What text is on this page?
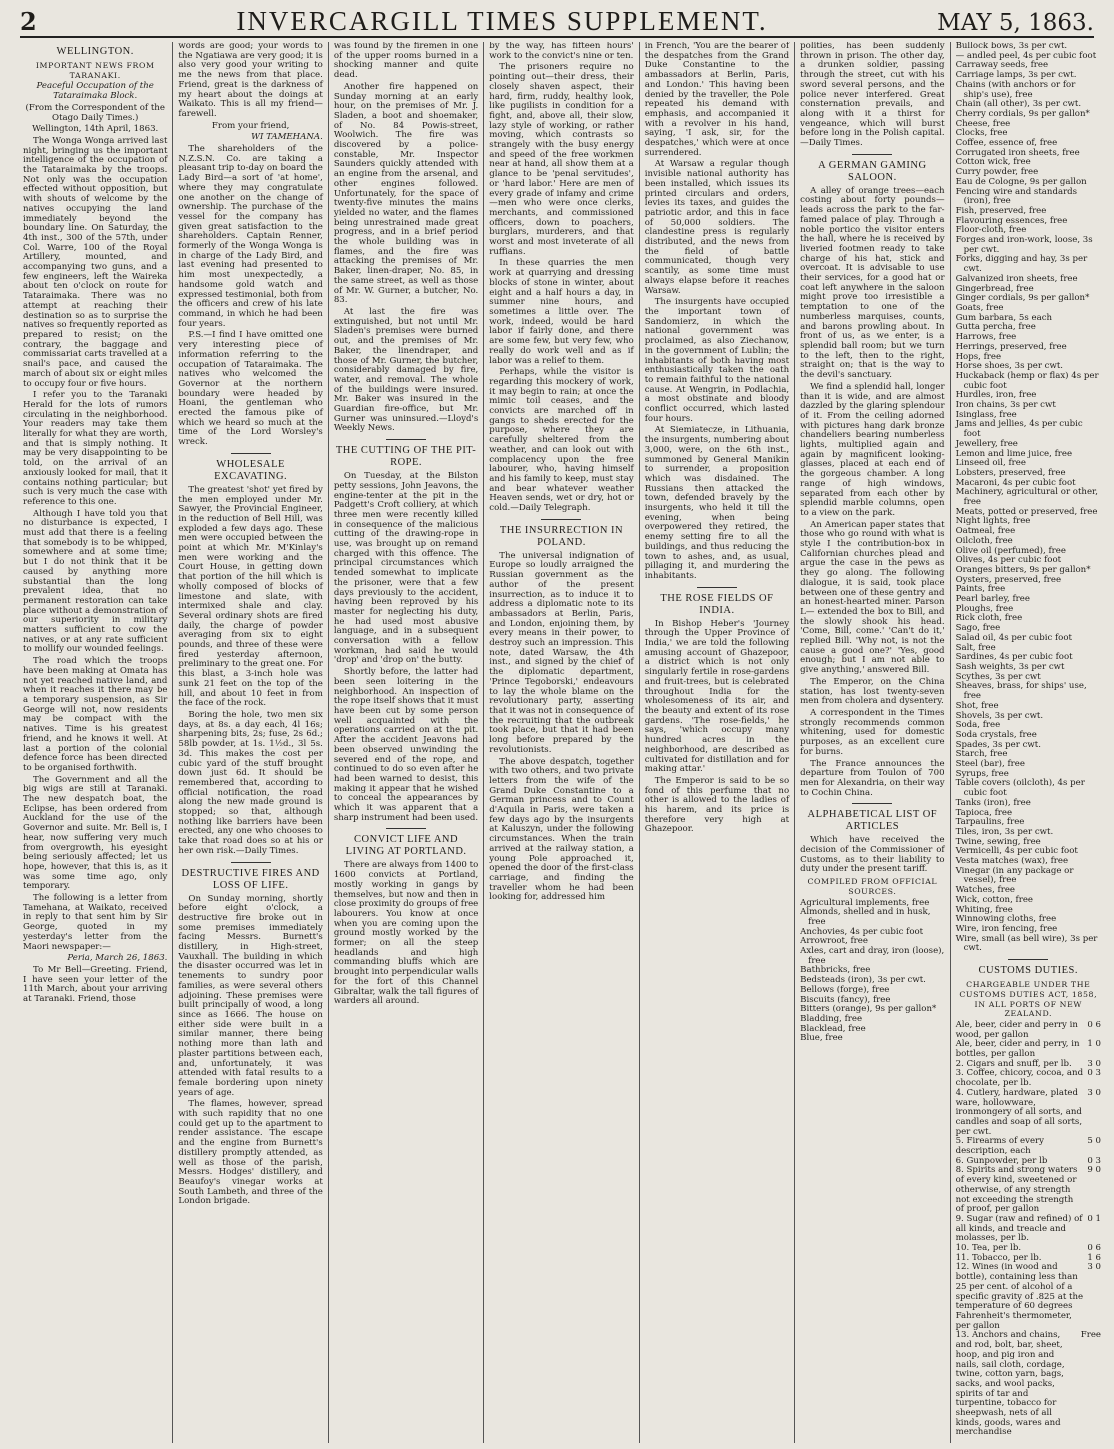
2	INVERCARGILL TIMES SUPPLEMENT.	MAY 5, 1863.
WELLINGTON.
IMPORTANT NEWS FROM TARANAKI.

Peaceful Occupation of the Tataraimaka Block.

(From the Correspondent of the Otago Daily Times.)

Wellington, 14th April, 1863.

The Wonga Wonga arrived last night, bringing us the important intelligence of the occupation of the Tataraimaka by the troops. Not only was the occupation effected without opposition, but with shouts of welcome by the natives occupying the land immediately beyond the boundary line. On Saturday, the 4th inst., 300 of the 57th, under Col. Warre, 100 of the Royal Artillery, mounted, and accompanying two guns, and a few engineers, left the Waireka about ten o'clock on route for Tataraimaka. There was no attempt at reaching their destination so as to surprise the natives so frequently reported as prepared to resist; on the contrary, the baggage and commissariat carts travelled at a snail's pace, and caused the march of about six or eight miles to occupy four or five hours.

I refer you to the Taranaki Herald for the lots of rumors circulating in the neighborhood. Your readers may take them literally for what they are worth, and that is simply nothing. It may be very disappointing to be told, on the arrival of an anxiously looked for mail, that it contains nothing particular; but such is very much the case with reference to this one.

Although I have told you that no disturbance is expected, I must add that there is a feeling that somebody is to be whipped, somewhere and at some time; but I do not think that it be caused by anything more substantial than the long prevalent idea, that no permanent restoration can take place without a demonstration of our superiority in military matters sufficient to cow the natives, or at any rate sufficient to mollify our wounded feelings.

The road which the troops have been making at Omata has not yet reached native land, and when it reaches it there may be a temporary suspension, as Sir George will not, now residents may be compact with the natives. Time is his greatest friend, and he knows it well. At last a portion of the colonial defence force has been directed to be organised forthwith.

The Government and all the big wigs are still at Taranaki. The new despatch boat, the Eclipse, has been ordered from Auckland for the use of the Governor and suite. Mr. Bell is, I hear, now suffering very much from overgrowth, his eyesight being seriously affected; let us hope, however, that this is, as it was some time ago, only temporary.

The following is a letter from Tamehana, at Waikato, received in reply to that sent him by Sir George, quoted in my yesterday's letter from the Maori newspaper:—

Peria, March 26, 1863.

To Mr Bell—Greeting. Friend, I have seen your letter of the 11th March, about your arriving at Taranaki. Friend, those

words are good; your words to the Ngatiawa are very good; it is also very good your writing to me the news from that place. Friend, great is the darkness of my heart about the doings at Waikato. This is all my friend—farewell.

From your friend,

WI TAMEHANA.

The shareholders of the N.Z.S.N. Co. are taking a pleasant trip to-day on board the Lady Bird—a sort of 'at home', where they may congratulate one another on the change of ownership. The purchase of the vessel for the company has given great satisfaction to the shareholders. Captain Renner, formerly of the Wonga Wonga is in charge of the Lady Bird, and last evening had presented to him most unexpectedly, a handsome gold watch and expressed testimonial, both from the officers and crew of his late command, in which he had been four years.

P.S.—I find I have omitted one very interesting piece of information referring to the occupation of Tataraimaka. The natives who welcomed the Governor at the northern boundary were headed by Hoani, the gentleman who erected the famous pike of which we heard so much at the time of the Lord Worsley's wreck.

WHOLESALE EXCAVATING.

The greatest 'shot' yet fired by the men employed under Mr. Sawyer, the Provincial Engineer, in the reduction of Bell Hill, was exploded a few days ago. These men were occupied between the point at which Mr. M'Kinlay's men were working and the Court House, in getting down that portion of the hill which is wholly composed of blocks of limestone and slate, with intermixed shale and clay. Several ordinary shots are fired daily, the charge of powder averaging from six to eight pounds, and three of these were fired yesterday afternoon, preliminary to the great one. For this blast, a 3-inch hole was sunk 21 feet on the top of the hill, and about 10 feet in from the face of the rock.

Boring the hole, two men six days, at 8s. a day each, 4l 16s; sharpening bits, 2s; fuse, 2s 6d.; 58lb powder, at 1s. 1½d., 3l 5s. 3d. This makes the cost per cubic yard of the stuff brought down just 6d. It should be remembered that, according to official notification, the road along the new made ground is stopped; so that, although nothing like barriers have been erected, any one who chooses to take that road does so at his or her own risk.—Daily Times.

DESTRUCTIVE FIRES AND LOSS OF LIFE.

On Sunday morning, shortly before eight o'clock, a destructive fire broke out in some premises immediately facing Messrs. Burnett's distillery, in High-street, Vauxhall. The building in which the disaster occurred was let in tenements to sundry poor families, as were several others adjoining. These premises were built principally of wood, a long since as 1666. The house on either side were built in a similar manner, there being nothing more than lath and plaster partitions between each, and, unfortunately, it was attended with fatal results to a female bordering upon ninety years of age.

The flames, however, spread with such rapidity that no one could get up to the apartment to render assistance. The escape and the engine from Burnett's distillery promptly attended, as well as those of the parish, Messrs. Hodges' distillery, and Beaufoy's vinegar works at South Lambeth, and three of the London brigade.

was found by the firemen in one of the upper rooms burned in a shocking manner and quite dead.

Another fire happened on Sunday morning at an early hour, on the premises of Mr. J. Sladen, a boot and shoemaker, of No. 84 Powis-street, Woolwich. The fire was discovered by a police-constable, Mr. Inspector Saunders quickly attended with an engine from the arsenal, and other engines followed. Unfortunately, for the space of twenty-five minutes the mains yielded no water, and the flames being unrestrained made great progress, and in a brief period the whole building was in flames, and the fire was attacking the premises of Mr. Baker, linen-draper, No. 85, in the same street, as well as those of Mr. W. Gurner, a butcher, No. 83.

At last the fire was extinguished, but not until Mr. Sladen's premises were burned out, and the premises of Mr. Baker, the linendraper, and those of Mr. Gurner, the butcher, considerably damaged by fire, water, and removal. The whole of the buildings were insured. Mr. Baker was insured in the Guardian fire-office, but Mr. Gurner was uninsured.—Lloyd's Weekly News.

THE CUTTING OF THE PIT-ROPE.

On Tuesday, at the Bilston petty sessions, John Jeavons, the engine-tenter at the pit in the Padgett's Croft colliery, at which three men were recently killed in consequence of the malicious cutting of the drawing-rope in use, was brought up on remand charged with this offence. The principal circumstances which tended somewhat to implicate the prisoner, were that a few days previously to the accident, having been reproved by his master for neglecting his duty, he had used most abusive language, and in a subsequent conversation with a fellow workman, had said he would 'drop' and 'drop on' the butty.

Shortly before, the latter had been seen loitering in the neighborhood. An inspection of the rope itself shows that it must have been cut by some person well acquainted with the operations carried on at the pit. After the accident Jeavons had been observed unwinding the severed end of the rope, and continued to do so even after he had been warned to desist, this making it appear that he wished to conceal the appearances by which it was apparent that a sharp instrument had been used.

CONVICT LIFE AND LIVING AT PORTLAND.

There are always from 1400 to 1600 convicts at Portland, mostly working in gangs by themselves, but now and then in close proximity do groups of free labourers. You know at once when you are coming upon the ground mostly worked by the former; on all the steep headlands and high commanding bluffs which are brought into perpendicular walls for the fort of this Channel Gibraltar, walk the tall figures of warders all around.

by the way, has fifteen hours' work to the convict's nine or ten.

The prisoners require no pointing out—their dress, their closely shaven aspect, their hard, firm, ruddy, healthy look, like pugilists in condition for a fight, and, above all, their slow, lazy style of working, or rather moving, which contrasts so strangely with the busy energy and speed of the free workmen near at hand, all show them at a glance to be 'penal servitudes', or 'hard labor.' Here are men of every grade of infamy and crime—men who were once clerks, merchants, and commissioned officers, down to poachers, burglars, murderers, and that worst and most inveterate of all ruffians.

In these quarries the men work at quarrying and dressing blocks of stone in winter, about eight and a half hours a day, in summer nine hours, and sometimes a little over. The work, indeed, would be hard labor if fairly done, and there are some few, but very few, who really do work well and as if labor was a relief to them.

Perhaps, while the visitor is regarding this mockery of work, it may begin to rain; at once the mimic toil ceases, and the convicts are marched off in gangs to sheds erected for the purpose, where they are carefully sheltered from the weather, and can look out with complacency upon the free labourer, who, having himself and his family to keep, must stay and bear whatever weather Heaven sends, wet or dry, hot or cold.—Daily Telegraph.

THE INSURRECTION IN POLAND.

The universal indignation of Europe so loudly arraigned the Russian government as the author of the present insurrection, as to induce it to address a diplomatic note to its ambassadors at Berlin, Paris, and London, enjoining them, by every means in their power, to destroy such an impression. This note, dated Warsaw, the 4th inst., and signed by the chief of the diplomatic department, 'Prince Tegoborski,' endeavours to lay the whole blame on the revolutionary party, asserting that it was not in consequence of the recruiting that the outbreak took place, but that it had been long before prepared by the revolutionists.

The above despatch, together with two others, and two private letters from the wife of the Grand Duke Constantine to a German princess and to Count d'Aquila in Paris, were taken a few days ago by the insurgents at Kaluszyn, under the following circumstances. When the train arrived at the railway station, a young Pole approached it, opened the door of the first-class carriage, and finding the traveller whom he had been looking for, addressed him

in French, 'You are the bearer of the despatches from the Grand Duke Constantine to the ambassadors at Berlin, Paris, and London.' This having been denied by the traveller, the Pole repeated his demand with emphasis, and accompanied it with a revolver in his hand, saying, 'I ask, sir, for the despatches,' which were at once surrendered.

At Warsaw a regular though invisible national authority has been installed, which issues its printed circulars and orders, levies its taxes, and guides the patriotic ardor, and this in face of 50,000 soldiers. The clandestine press is regularly distributed, and the news from the field of battle communicated, though very scantily, as some time must always elapse before it reaches Warsaw.

The insurgents have occupied the important town of Sandomierz, in which the national government was proclaimed, as also Ziechanow, in the government of Lublin; the inhabitants of both having most enthusiastically taken the oath to remain faithful to the national cause. At Wengrin, in Podlachia, a most obstinate and bloody conflict occurred, which lasted four hours.

At Siemiatecze, in Lithuania, the insurgents, numbering about 3,000, were, on the 6th inst., summoned by General Manikin to surrender, a proposition which was disdained. The Russians then attacked the town, defended bravely by the insurgents, who held it till the evening, when being overpowered they retired, the enemy setting fire to all the buildings, and thus reducing the town to ashes, and, as usual, pillaging it, and murdering the inhabitants.

THE ROSE FIELDS OF INDIA.

In Bishop Heber's 'Journey through the Upper Province of India,' we are told the following amusing account of Ghazepoor, a district which is not only singularly fertile in rose-gardens and fruit-trees, but is celebrated throughout India for the wholesomeness of its air, and the beauty and extent of its rose gardens. 'The rose-fields,' he says, 'which occupy many hundred acres in the neighborhood, are described as cultivated for distillation and for making attar.'

The Emperor is said to be so fond of this perfume that no other is allowed to the ladies of his harem, and its price is therefore very high at Ghazepoor.

polities, has been suddenly thrown in prison. The other day, a drunken soldier, passing through the street, cut with his sword several persons, and the police never interfered. Great consternation prevails, and along with it a thirst for vengeance, which will burst before long in the Polish capital.—Daily Times.

A GERMAN GAMING SALOON.

A alley of orange trees—each costing about forty pounds—leads across the park to the far-famed palace of play. Through a noble portico the visitor enters the hall, where he is received by liveried footmen ready to take charge of his hat, stick and overcoat. It is advisable to use their services, for a good hat or coat left anywhere in the saloon might prove too irresistible a temptation to one of the numberless marquises, counts, and barons prowling about. In front of us, as we enter, is a splendid ball room; but we turn to the left, then to the right, straight on; that is the way to the devil's sanctuary.

We find a splendid hall, longer than it is wide, and are almost dazzled by the glaring splendour of it. From the ceiling adorned with pictures hang dark bronze chandeliers bearing numberless lights, multiplied again and again by magnificent looking-glasses, placed at each end of the gorgeous chamber. A long range of high windows, separated from each other by splendid marble columns, open to a view on the park.

An American paper states that those who go round with what is style I the contribution-box in Californian churches plead and argue the case in the pews as they go along. The following dialogue, it is said, took place between one of these gentry and an honest-hearted miner. Parson L— extended the box to Bill, and the slowly shook his head. 'Come, Bill, come.' 'Can't do it,' replied Bill. 'Why not, is not the cause a good one?' 'Yes, good enough; but I am not able to give anything,' answered Bill.

The Emperor, on the China station, has lost twenty-seven men from cholera and dysentery.

A correspondent in the Times strongly recommends common whitening, used for domestic purposes, as an excellent cure for burns.

The France announces the departure from Toulon of 700 men for Alexandria, on their way to Cochin China.

ALPHABETICAL LIST OF ARTICLES

Which have received the decision of the Commissioner of Customs, as to their liability to duty under the present tariff.

COMPILED FROM OFFICIAL SOURCES.
Agricultural implements, free
Almonds, shelled and in husk, free
Anchovies, 4s per cubic foot
Arrowroot, free
Axles, cart and dray, iron (loose), free
Bathbricks, free
Bedsteads (iron), 3s per cwt.
Bellows (forge), free
Biscuits (fancy), free
Bitters (orange), 9s per gallon*
Bladding, free
Blacklead, free
Blue, free
Bullock bows, 3s per cwt.
— andled peel, 4s per cubic foot
Carraway seeds, free
Carriage lamps, 3s per cwt.
Chains (with anchors or for ship's use), free
Chain (all other), 3s per cwt.
Cherry cordials, 9s per gallon*
Cheese, free
Clocks, free
Coffee, essence of, free
Corrugated iron sheets, free
Cotton wick, free
Curry powder, free
Eau de Cologne, 9s per gallon
Fencing wire and standards (iron), free
Fish, preserved, free
Flavouring essences, free
Floor-cloth, free
Forges and iron-work, loose, 3s per cwt.
Forks, digging and hay, 3s per cwt.
Galvanized iron sheets, free
Gingerbread, free
Ginger cordials, 9s per gallon*
Goats, free
Gum barbara, 5s each
Gutta percha, free
Harrows, free
Herrings, preserved, free
Hops, free
Horse shoes, 3s per cwt.
Huckaback (hemp or flax) 4s per cubic foot
Hurdles, iron, free
Iron chains, 3s per cwt
Isinglass, free
Jams and jellies, 4s per cubic foot
Jewellery, free
Lemon and lime juice, free
Linseed oil, free
Lobsters, preserved, free
Macaroni, 4s per cubic foot
Machinery, agricultural or other, free
Meats, potted or preserved, free
Night lights, free
Oatmeal, free
Oilcloth, free
Olive oil (perfumed), free
Olives, 4s per cubic foot
Oranges bitters, 9s per gallon*
Oysters, preserved, free
Paints, free
Pearl barley, free
Ploughs, free
Rick cloth, free
Sago, free
Salad oil, 4s per cubic foot
Salt, free
Sardines, 4s per cubic foot
Sash weights, 3s per cwt
Scythes, 3s per cwt
Sheaves, brass, for ships' use, free
Shot, free
Shovels, 3s per cwt.
Soda, free
Soda crystals, free
Spades, 3s per cwt.
Starch, free
Steel (bar), free
Syrups, free
Table covers (oilcloth), 4s per cubic foot
Tanks (iron), free
Tapioca, free
Tarpaulins, free
Tiles, iron, 3s per cwt.
Twine, sewing, free
Vermicelli, 4s per cubic foot
Vesta matches (wax), free
Vinegar (in any package or vessel), free
Watches, free
Wick, cotton, free
Whiting, free
Winnowing cloths, free
Wire, iron fencing, free
Wire, small (as bell wire), 3s per cwt.
CUSTOMS DUTIES.
CHARGEABLE UNDER THE CUSTOMS DUTIES ACT, 1858, IN ALL PORTS OF NEW ZEALAND.
Ale, beer, cider and perry in wood, per gallon
0 6
Ale, beer, cider and perry, in bottles, per gallon
1 0
2. Cigars and snuff, per lb.	3 0
3. Coffee, chicory, cocoa, and chocolate, per lb.
0 3
4. Cutlery, hardware, plated ware, hollowware, ironmongery of all sorts, and candles and soap of all sorts, per cwt.
3 0
5. Firearms of every description, each
5 0
6. Gunpowder, per lb	0 3
8. Spirits and strong waters of every kind, sweetened or otherwise, of any strength not exceeding the strength of proof, per gallon
9 0
9. Sugar (raw and refined) of all kinds, and treacle and molasses, per lb.
0 1
10. Tea, per lb.	0 6
11. Tobacco, per lb.	1 6
12. Wines (in wood and bottle), containing less than 25 per cent. of alcohol of a specific gravity of .825 at the temperature of 60 degrees Fahrenheit's thermometer, per gallon
3 0
13. Anchors and chains, and rod, bolt, bar, sheet, hoop, and pig iron and nails, sail cloth, cordage, twine, cotton yarn, bags, sacks, and wool packs, spirits of tar and turpentine, tobacco for sheepwash, nets of all kinds, goods, wares and merchandise
Free
